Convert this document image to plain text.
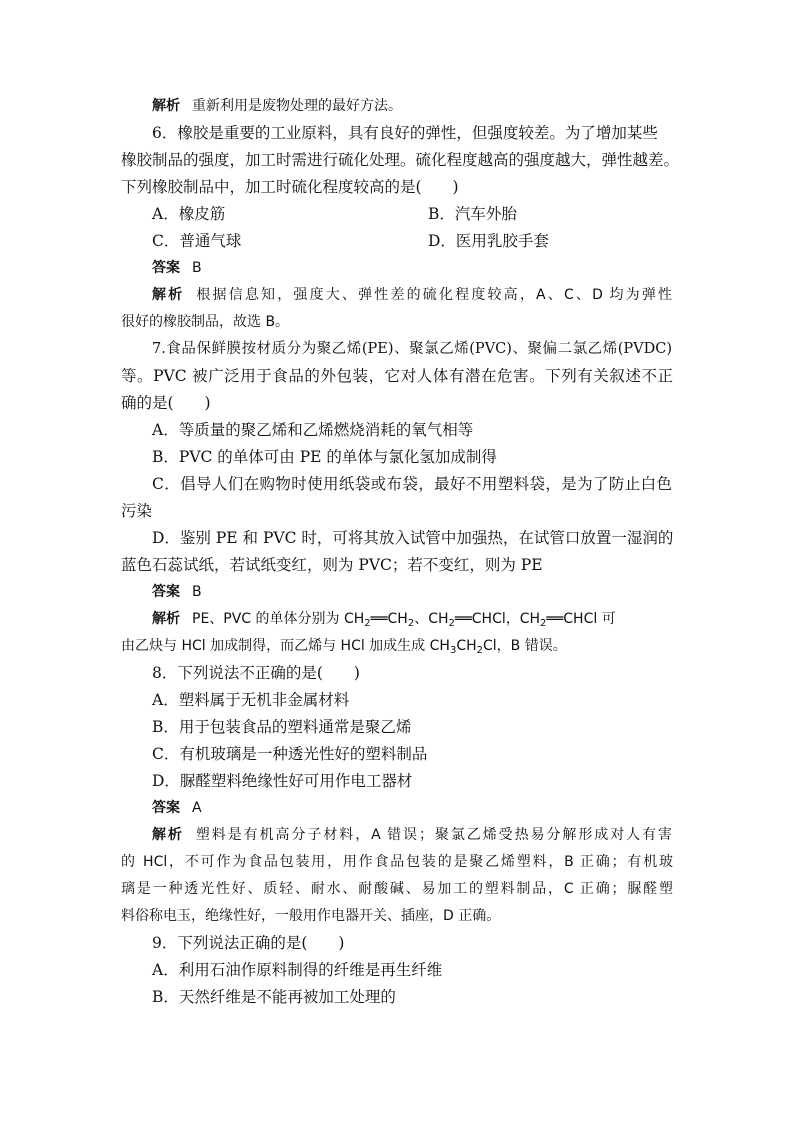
解析 重新利用是废物处理的最好方法。
6．橡胶是重要的工业原料，具有良好的弹性，但强度较差。为了增加某些
橡胶制品的强度，加工时需进行硫化处理。硫化程度越高的强度越大，弹性越差。
下列橡胶制品中，加工时硫化程度较高的是(　　)
A．橡皮筋	B．汽车外胎
C．普通气球	D．医用乳胶手套
答案 B
解析 根据信息知，强度大、弹性差的硫化程度较高，A、C、D 均为弹性
很好的橡胶制品，故选 B。
7.食品保鲜膜按材质分为聚乙烯(PE)、聚氯乙烯(PVC)、聚偏二氯乙烯(PVDC)
等。PVC 被广泛用于食品的外包装，它对人体有潜在危害。下列有关叙述不正
确的是(　　)
A．等质量的聚乙烯和乙烯燃烧消耗的氧气相等
B．PVC 的单体可由 PE 的单体与氯化氢加成制得
C．倡导人们在购物时使用纸袋或布袋，最好不用塑料袋，是为了防止白色
污染
D．鉴别 PE 和 PVC 时，可将其放入试管中加强热，在试管口放置一湿润的
蓝色石蕊试纸，若试纸变红，则为 PVC；若不变红，则为 PE
答案 B
解析 PE、PVC 的单体分别为 $CH_2══CH_2$、$CH_2══CHCl$，$CH_2══CHCl$ 可
由乙炔与 HCl 加成制得，而乙烯与 HCl 加成生成 $CH_3CH_2Cl$，B 错误。
8．下列说法不正确的是(　　)
A．塑料属于无机非金属材料
B．用于包装食品的塑料通常是聚乙烯
C．有机玻璃是一种透光性好的塑料制品
D．脲醛塑料绝缘性好可用作电工器材
答案 A
解析 塑料是有机高分子材料，A 错误；聚氯乙烯受热易分解形成对人有害
的 HCl，不可作为食品包装用，用作食品包装的是聚乙烯塑料，B 正确；有机玻
璃是一种透光性好、质轻、耐水、耐酸碱、易加工的塑料制品，C 正确；脲醛塑
料俗称电玉，绝缘性好，一般用作电器开关、插座，D 正确。
9．下列说法正确的是(　　)
A．利用石油作原料制得的纤维是再生纤维
B．天然纤维是不能再被加工处理的
